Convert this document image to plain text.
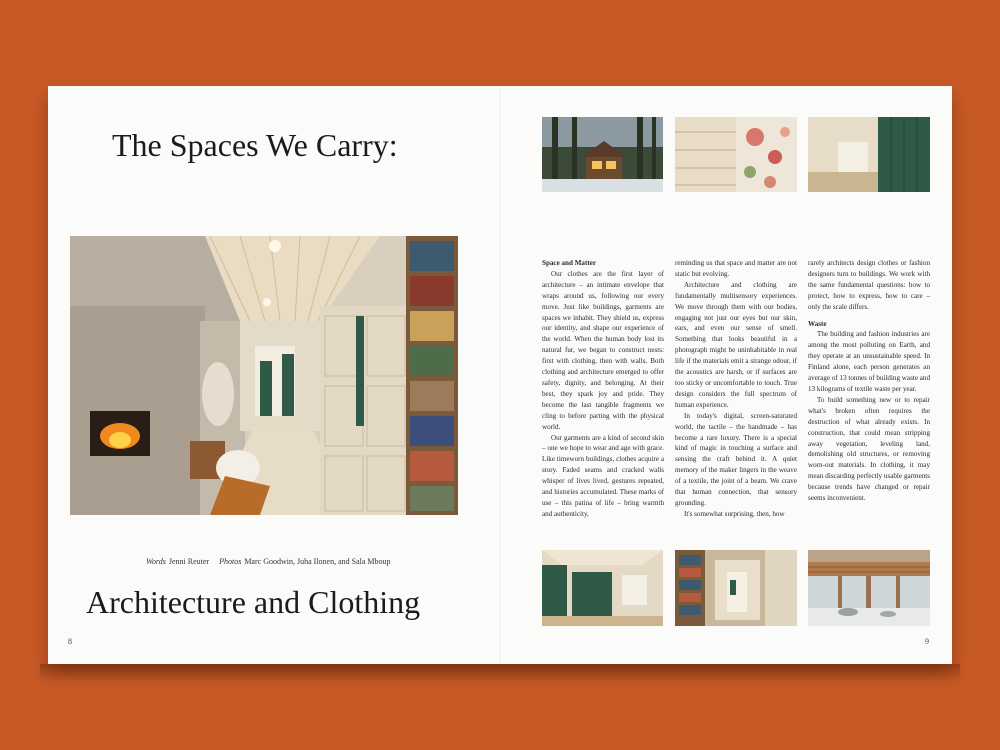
The Spaces We Carry:
Words Jenni Reuter Photos Marc Goodwin, Juha Ilonen, and Sala Mboup
Architecture and Clothing
8
Space and Matter

Our clothes are the first layer of architecture – an intimate envelope that wraps around us, following our every move. Just like buildings, garments are spaces we inhabit. They shield us, express our identity, and shape our experience of the world. When the human body lost its natural fur, we began to construct nests: first with clothing, then with walls. Both clothing and architecture emerged to offer safety, dignity, and belonging. At their best, they spark joy and pride. They become the last tangible fragments we cling to before parting with the physical world.

Our garments are a kind of second skin – one we hope to wear and age with grace. Like timeworn buildings, clothes acquire a story. Faded seams and cracked walls whisper of lives lived, gestures repeated, and histories accumulated. These marks of use – this patina of life – bring warmth and authenticity,

reminding us that space and matter are not static but evolving.

Architecture and clothing are fundamentally multisensory experiences. We move through them with our bodies, engaging not just our eyes but our skin, ears, and even our sense of smell. Something that looks beautiful in a photograph might be uninhabitable in real life if the materials emit a strange odour, if the acoustics are harsh, or if surfaces are too sticky or uncomfortable to touch. True design considers the full spectrum of human experience.

In today's digital, screen-saturated world, the tactile – the handmade – has become a rare luxury. There is a special kind of magic in touching a surface and sensing the craft behind it. A quiet memory of the maker lingers in the weave of a textile, the joint of a beam. We crave that human connection, that sensory grounding.

It's somewhat surprising, then, how

rarely architects design clothes or fashion designers turn to buildings. We work with the same fundamental questions: how to protect, how to express, how to care – only the scale differs.

Waste

The building and fashion industries are among the most polluting on Earth, and they operate at an unsustainable speed. In Finland alone, each person generates an average of 13 tonnes of building waste and 13 kilograms of textile waste per year.

To build something new or to repair what's broken often requires the destruction of what already exists. In construction, that could mean stripping away vegetation, leveling land, demolishing old structures, or removing worn-out materials. In clothing, it may mean discarding perfectly usable garments because trends have changed or repair seems inconvenient.

9
